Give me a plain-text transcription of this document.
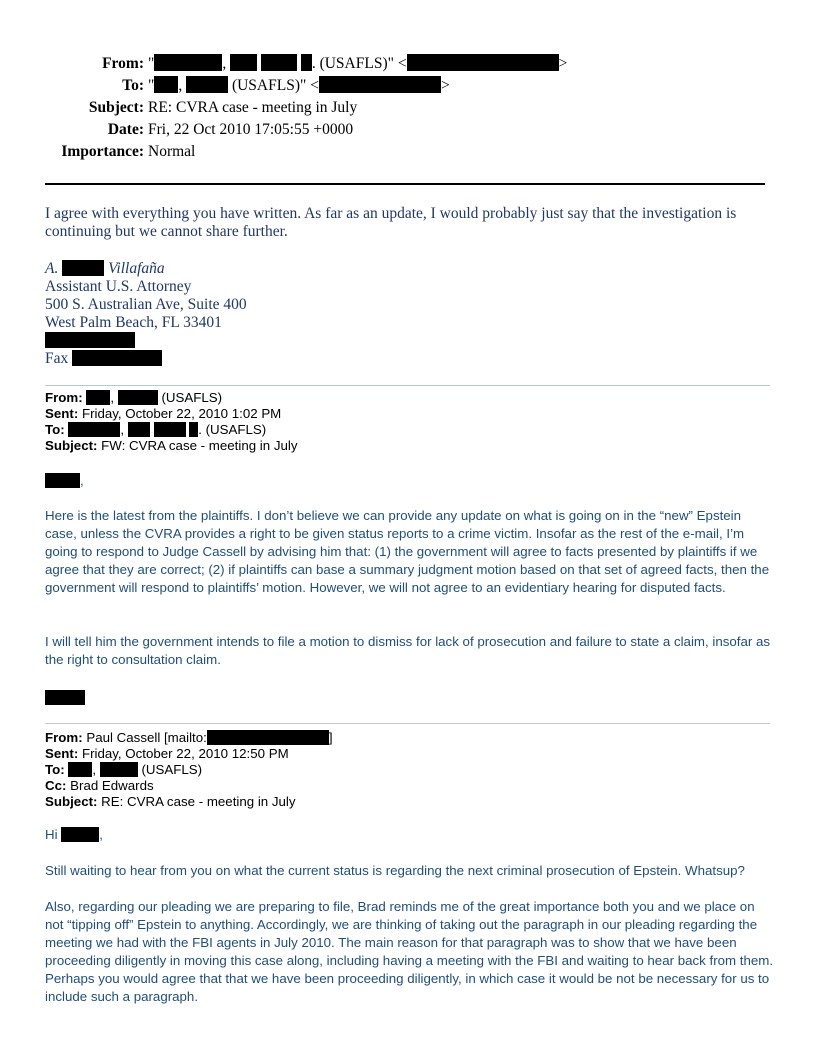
From: "	,	. (USAFLS)" <	>
To: " ,	(USAFLS)" <	>
Subject: RE: CVRA case - meeting in July
Date: Fri, 22 Oct 2010 17:05:55 +0000
Importance: Normal
I agree with everything you have written. As far as an update, I would probably just say that the investigation is continuing but we cannot share further.
A.	Villafaña
Assistant U.S. Attorney
500 S. Australian Ave, Suite 400
West Palm Beach, FL 33401
Fax
From: ,	(USAFLS)
Sent: Friday, October 22, 2010 1:02 PM
To:	,	. (USAFLS)
Subject: FW: CVRA case - meeting in July
,

Here is the latest from the plaintiffs. I don’t believe we can provide any update on what is going on in the “new” Epstein case, unless the CVRA provides a right to be given status reports to a crime victim. Insofar as the rest of the e-mail, I’m going to respond to Judge Cassell by advising him that: (1) the government will agree to facts presented by plaintiffs if we agree that they are correct; (2) if plaintiffs can base a summary judgment motion based on that set of agreed facts, then the government will respond to plaintiffs’ motion. However, we will not agree to an evidentiary hearing for disputed facts.

I will tell him the government intends to file a motion to dismiss for lack of prosecution and failure to state a claim, insofar as the right to consultation claim.

From: Paul Cassell [mailto:	]
Sent: Friday, October 22, 2010 12:50 PM
To: ,	(USAFLS)
Cc: Brad Edwards
Subject: RE: CVRA case - meeting in July
Hi	,

Still waiting to hear from you on what the current status is regarding the next criminal prosecution of Epstein. Whatsup?

Also, regarding our pleading we are preparing to file, Brad reminds me of the great importance both you and we place on not “tipping off” Epstein to anything. Accordingly, we are thinking of taking out the paragraph in our pleading regarding the meeting we had with the FBI agents in July 2010. The main reason for that paragraph was to show that we have been proceeding diligently in moving this case along, including having a meeting with the FBI and waiting to hear back from them. Perhaps you would agree that that we have been proceeding diligently, in which case it would be not be necessary for us to include such a paragraph.
